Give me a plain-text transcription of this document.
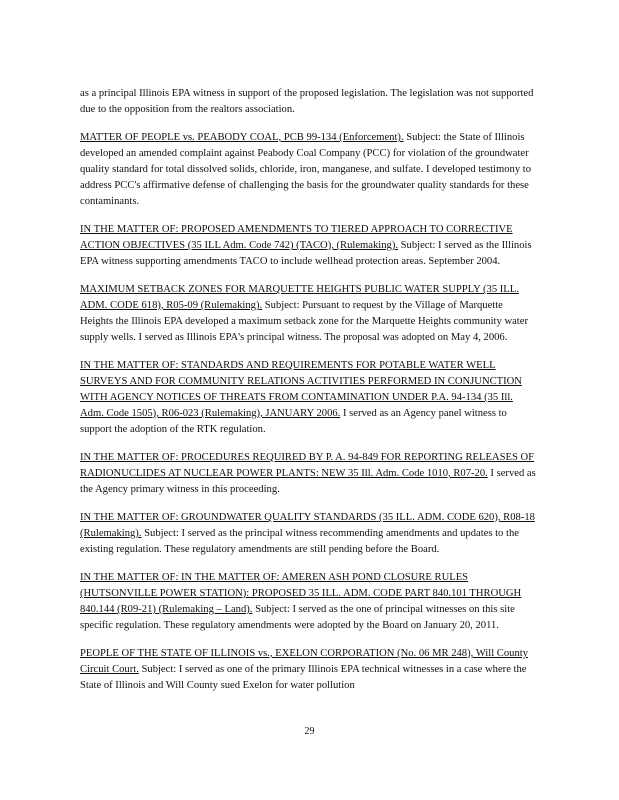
as a principal Illinois EPA witness in support of the proposed legislation. The legislation was not supported due to the opposition from the realtors association.

MATTER OF PEOPLE vs. PEABODY COAL, PCB 99-134 (Enforcement). Subject: the State of Illinois developed an amended complaint against Peabody Coal Company (PCC) for violation of the groundwater quality standard for total dissolved solids, chloride, iron, manganese, and sulfate. I developed testimony to address PCC's affirmative defense of challenging the basis for the groundwater quality standards for these contaminants.

IN THE MATTER OF: PROPOSED AMENDMENTS TO TIERED APPROACH TO CORRECTIVE ACTION OBJECTIVES (35 ILL Adm. Code 742) (TACO), (Rulemaking). Subject: I served as the Illinois EPA witness supporting amendments TACO to include wellhead protection areas. September 2004.

MAXIMUM SETBACK ZONES FOR MARQUETTE HEIGHTS PUBLIC WATER SUPPLY (35 ILL. ADM. CODE 618), R05-09 (Rulemaking). Subject: Pursuant to request by the Village of Marquette Heights the Illinois EPA developed a maximum setback zone for the Marquette Heights community water supply wells. I served as Illinois EPA's principal witness. The proposal was adopted on May 4, 2006.

IN THE MATTER OF: STANDARDS AND REQUIREMENTS FOR POTABLE WATER WELL SURVEYS AND FOR COMMUNITY RELATIONS ACTIVITIES PERFORMED IN CONJUNCTION WITH AGENCY NOTICES OF THREATS FROM CONTAMINATION UNDER P.A. 94-134 (35 Ill. Adm. Code 1505), R06-023 (Rulemaking), JANUARY 2006. I served as an Agency panel witness to support the adoption of the RTK regulation.

IN THE MATTER OF: PROCEDURES REQUIRED BY P. A. 94-849 FOR REPORTING RELEASES OF RADIONUCLIDES AT NUCLEAR POWER PLANTS: NEW 35 Ill. Adm. Code 1010, R07-20. I served as the Agency primary witness in this proceeding.

IN THE MATTER OF: GROUNDWATER QUALITY STANDARDS (35 ILL. ADM. CODE 620), R08-18 (Rulemaking). Subject: I served as the principal witness recommending amendments and updates to the existing regulation. These regulatory amendments are still pending before the Board.

IN THE MATTER OF: IN THE MATTER OF: AMEREN ASH POND CLOSURE RULES (HUTSONVILLE POWER STATION): PROPOSED 35 ILL. ADM. CODE PART 840.101 THROUGH 840.144 (R09-21) (Rulemaking – Land). Subject: I served as the one of principal witnesses on this site specific regulation. These regulatory amendments were adopted by the Board on January 20, 2011.

PEOPLE OF THE STATE OF ILLINOIS vs., EXELON CORPORATION (No. 06 MR 248), Will County Circuit Court. Subject: I served as one of the primary Illinois EPA technical witnesses in a case where the State of Illinois and Will County sued Exelon for water pollution

29
